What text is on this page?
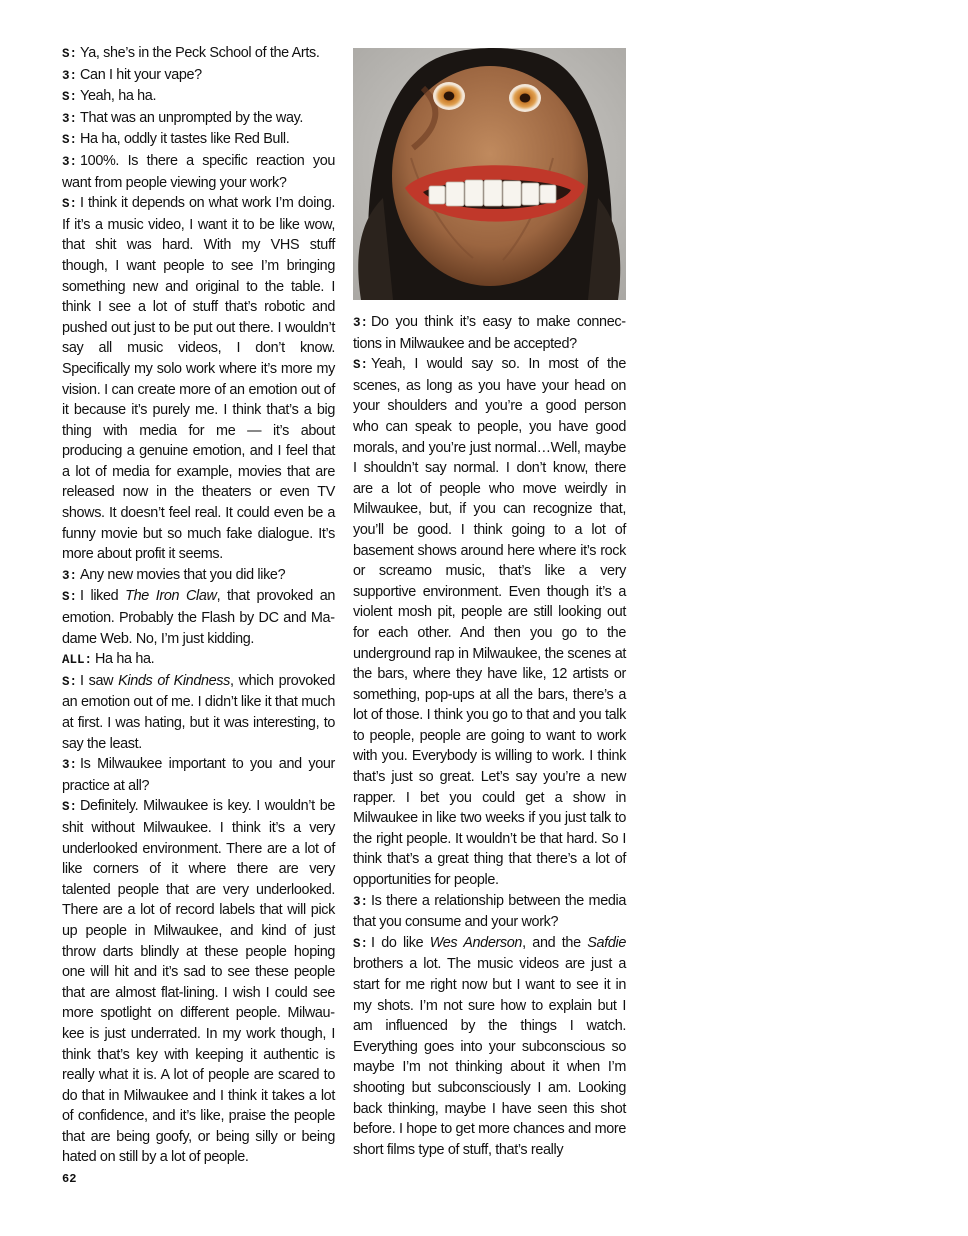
S: Ya, she’s in the Peck School of the Arts.

3: Can I hit your vape?

S: Yeah, ha ha.

3: That was an unprompted by the way.

S: Ha ha, oddly it tastes like Red Bull.

3: 100%. Is there a specific reaction you want from people viewing your work?

S: I think it depends on what work I’m doing. If it’s a music video, I want it to be like wow, that shit was hard. With my VHS stuff though, I want people to see I’m bringing something new and original to the table. I think I see a lot of stuff that’s robotic and pushed out just to be put out there. I wouldn’t say all music videos, I don’t know. Specifically my solo work where it’s more my vision. I can create more of an emotion out of it because it’s purely me. I think that’s a big thing with media for me — it’s about producing a genuine emotion, and I feel that a lot of media for example, movies that are released now in the theaters or even TV shows. It doesn’t feel real. It could even be a funny movie but so much fake dialogue. It’s more about profit it seems.

3: Any new movies that you did like?

S: I liked The Iron Claw, that provoked an emotion. Probably the Flash by DC and Madame Web. No, I’m just kidding.

ALL: Ha ha ha.

S: I saw Kinds of Kindness, which provoked an emotion out of me. I didn’t like it that much at first. I was hating, but it was interesting, to say the least.

3: Is Milwaukee important to you and your practice at all?

S: Definitely. Milwaukee is key. I wouldn’t be shit without Milwaukee. I think it’s a very underlooked environment. There are a lot of like corners of it where there are very talented people that are very underlooked. There are a lot of record labels that will pick up people in Milwaukee, and kind of just throw darts blindly at these people hoping one will hit and it’s sad to see these people that are almost flat-lining. I wish I could see more spotlight on different people. Milwaukee is just underrated. In my work though, I think that’s key with keeping it authentic is really what it is. A lot of people are scared to do that in Milwaukee and I think it takes a lot of confidence, and it’s like, praise the people that are being goofy, or being silly or being hated on still by a lot of people.

3: Do you think it’s easy to make connections in Milwaukee and be accepted?

S: Yeah, I would say so. In most of the scenes, as long as you have your head on your shoulders and you’re a good person who can speak to people, you have good morals, and you’re just normal…Well, maybe I shouldn’t say normal. I don’t know, there are a lot of people who move weirdly in Milwaukee, but, if you can recognize that, you’ll be good. I think going to a lot of basement shows around here where it’s rock or screamo music, that’s like a very supportive environment. Even though it’s a violent mosh pit, people are still looking out for each other. And then you go to the underground rap in Milwaukee, the scenes at the bars, where they have like, 12 artists or something, pop-ups at all the bars, there’s a lot of those. I think you go to that and you talk to people, people are going to want to work with you. Everybody is willing to work. I think that’s just so great. Let’s say you’re a new rapper. I bet you could get a show in Milwaukee in like two weeks if you just talk to the right people. It wouldn’t be that hard. So I think that’s a great thing that there’s a lot of opportunities for people.

3: Is there a relationship between the media that you consume and your work?

S: I do like Wes Anderson, and the Safdie brothers a lot. The music videos are just a start for me right now but I want to see it in my shots. I’m not sure how to explain but I am influenced by the things I watch. Everything goes into your subconscious so maybe I’m not thinking about it when I’m shooting but subconsciously I am. Looking back thinking, maybe I have seen this shot before. I hope to get more chances and more short films type of stuff, that’s really

62
